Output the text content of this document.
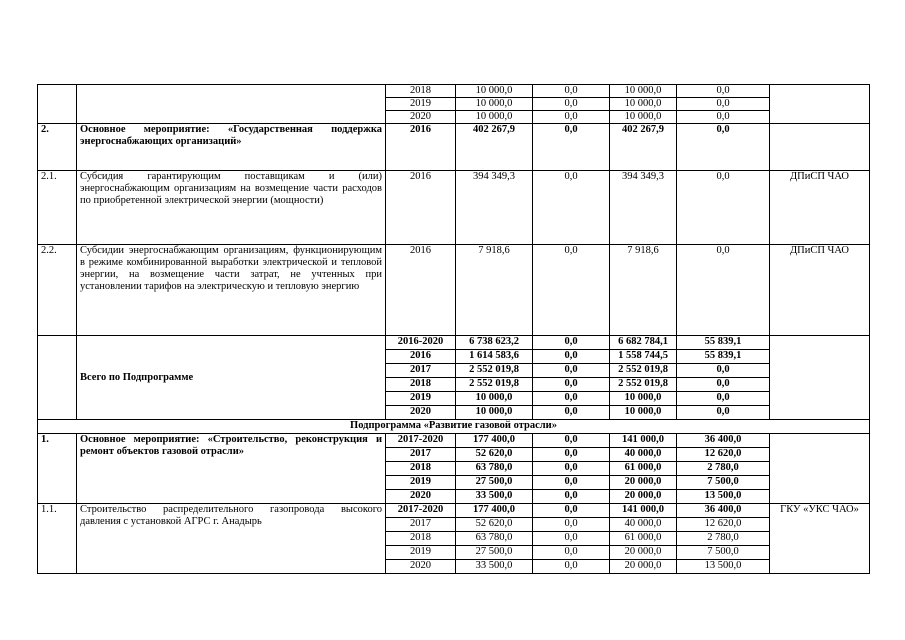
		2018	10 000,0	0,0	10 000,0	0,0	
		2019	10 000,0	0,0	10 000,0	0,0	
		2020	10 000,0	0,0	10 000,0	0,0	
2.	Основное мероприятие: «Государственная поддержка энергоснабжающих организаций»	2016	402 267,9	0,0	402 267,9	0,0	
2.1.	Субсидия гарантирующим поставщикам и (или) энергоснабжающим организациям на возмещение части расходов по приобретенной электрической энергии (мощности)	2016	394 349,3	0,0	394 349,3	0,0	ДПиСП ЧАО
2.2.	Субсидии энергоснабжающим организациям, функционирующим в режиме комбинированной выработки электрической и тепловой энергии, на возмещение части затрат, не учтенных при установлении тарифов на электрическую и тепловую энергию	2016	7 918,6	0,0	7 918,6	0,0	ДПиСП ЧАО
	Всего по Подпрограмме	2016-2020	6 738 623,2	0,0	6 682 784,1	55 839,1	
		2016	1 614 583,6	0,0	1 558 744,5	55 839,1	
		2017	2 552 019,8	0,0	2 552 019,8	0,0	
		2018	2 552 019,8	0,0	2 552 019,8	0,0	
		2019	10 000,0	0,0	10 000,0	0,0	
		2020	10 000,0	0,0	10 000,0	0,0	
Подпрограмма «Развитие газовой отрасли»							
1.	Основное мероприятие: «Строительство, реконструкция и ремонт объектов газовой отрасли»	2017-2020	177 400,0	0,0	141 000,0	36 400,0	
		2017	52 620,0	0,0	40 000,0	12 620,0	
		2018	63 780,0	0,0	61 000,0	2 780,0	
		2019	27 500,0	0,0	20 000,0	7 500,0	
		2020	33 500,0	0,0	20 000,0	13 500,0	
1.1.	Строительство распределительного газопровода высокого давления с установкой АГРС г. Анадырь	2017-2020	177 400,0	0,0	141 000,0	36 400,0	ГКУ «УКС ЧАО»
		2017	52 620,0	0,0	40 000,0	12 620,0	
		2018	63 780,0	0,0	61 000,0	2 780,0	
		2019	27 500,0	0,0	20 000,0	7 500,0	
		2020	33 500,0	0,0	20 000,0	13 500,0	
